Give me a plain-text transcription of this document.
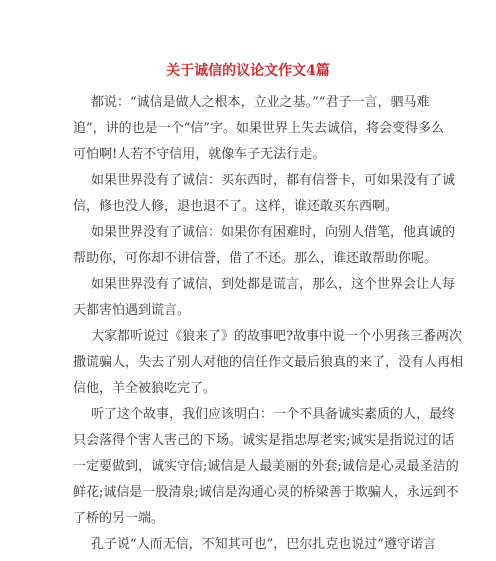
关于诚信的议论文作文4篇
都说：“诚信是做人之根本，立业之基。”“君子一言，驷马难
追”，讲的也是一个“信”字。如果世界上失去诚信，将会变得多么
可怕啊!人若不守信用，就像车子无法行走。
如果世界没有了诚信：买东西时，都有信誉卡，可如果没有了诚
信，修也没人修，退也退不了。这样，谁还敢买东西啊。
如果世界没有了诚信：如果你有困难时，向别人借笔，他真诚的
帮助你，可你却不讲信誉，借了不还。那么，谁还敢帮助你呢。
如果世界没有了诚信，到处都是谎言，那么，这个世界会让人每
天都害怕遇到谎言。
大家都听说过《狼来了》的故事吧?故事中说一个小男孩三番两次
撒谎骗人，失去了别人对他的信任作文最后狼真的来了，没有人再相
信他，羊全被狼吃完了。
听了这个故事，我们应该明白：一个不具备诚实素质的人，最终
只会落得个害人害己的下场。诚实是指忠厚老实;诚实是指说过的话
一定要做到，诚实守信;诚信是人最美丽的外套;诚信是心灵最圣洁的
鲜花;诚信是一股清泉;诚信是沟通心灵的桥梁善于欺骗人，永远到不
了桥的另一端。
孔子说“人而无信，不知其可也”，巴尔扎克也说过“遵守诺言
